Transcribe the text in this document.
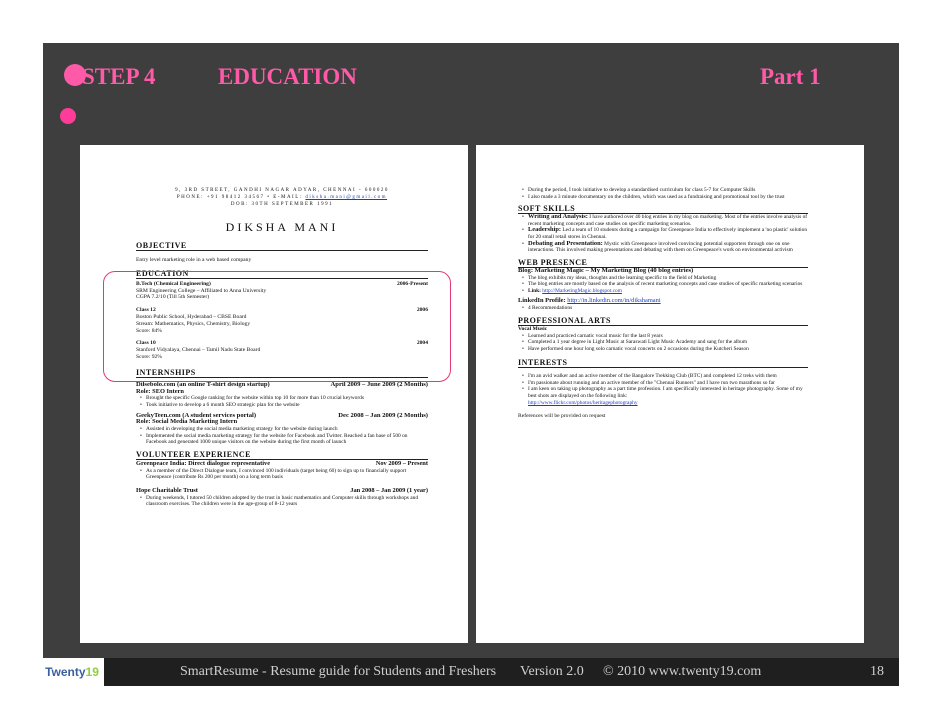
STEP 4	EDUCATION	Part 1
9, 3RD STREET, GANDHI NAGAR ADYAR, CHENNAI - 600020
PHONE: +91 98412 34567 • E-MAIL: diksha.mani@gmail.com
DOB: 30TH SEPTEMBER 1991
DIKSHA MANI
OBJECTIVE
Entry level marketing role in a web based company
EDUCATION
B.Tech (Chemical Engineering)	2006-Present
SRM Engineering College – Affiliated to Anna University
CGPA 7.2/10 (Till 5th Semester)
Class 12	2006
Boston Public School, Hyderabad – CBSE Board
Stream: Mathematics, Physics, Chemistry, Biology
Score: 84%
Class 10	2004
Stanford Vidyalaya, Chennai – Tamil Nadu State Board
Score: 92%
INTERNSHIPS
Dilsebolo.com (an online T-shirt design startup)	April 2009 – June 2009 (2 Months)
Role: SEO Intern
• Brought the specific Google ranking for the website within top 10 for more than 10 crucial keywords
• Took initiative to develop a 6 month SEO strategic plan for the website
GeekyTeen.com (A student services portal)	Dec 2008 – Jan 2009 (2 Months)
Role: Social Media Marketing Intern
• Assisted in developing the social media marketing strategy for the website during launch
• Implemented the social media marketing strategy for the website for Facebook and Twitter. Reached a fan base of 500 on Facebook and generated 1000 unique visitors on the website during the first month of launch
VOLUNTEER EXPERIENCE
Greenpeace India: Direct dialogue representative	Nov 2009 – Present
• As a member of the Direct Dialogue team, I convinced 100 individuals (target being 60) to sign up to financially support Greenpeace (contribute Rs 200 per month) on a long term basis
Hope Charitable Trust	Jan 2008 – Jan 2009 (1 year)
• During weekends, I tutored 50 children adopted by the trust in basic mathematics and Computer skills through workshops and classroom exercises. The children were in the age-group of 8-12 years
• During the period, I took initiative to develop a standardised curriculum for class 5-7 for Computer Skills
• I also made a 3 minute documentary on the children, which was used as a fundraising and promotional tool by the trust
SOFT SKILLS
• Writing and Analysis: I have authored over 40 blog entries in my blog on marketing. Most of the entries involve analysis of recent marketing concepts and case studies on specific marketing scenarios.
• Leadership: Led a team of 10 students during a campaign for Greenpeace India to effectively implement a 'no plastic' solution for 20 small retail stores in Chennai.
• Debating and Presentation: Mystic with Greenpeace involved convincing potential supporters through one on one interactions. This involved making presentations and debating with them on Greenpeace's work on environmental activism
WEB PRESENCE
Blog: Marketing Magic – My Marketing Blog (40 blog entries)
• The blog exhibits my ideas, thoughts and the learning specific to the field of Marketing
• The blog entries are mostly based on the analysis of recent marketing concepts and case studies of specific marketing scenarios
• Link: http://MarketingMagic.blogspot.com
LinkedIn Profile: http://in.linkedin.com/in/dikshamani
• 4 Recommendations
PROFESSIONAL ARTS
Vocal Music
• Learned and practiced carnatic vocal music for the last 8 years
• Completed a 1 year degree in Light Music at Saraswati Light Music Academy and sang for the album
• Have performed one hour long solo carnatic vocal concerts on 2 occasions during the Kutcheri Season
INTERESTS
• I'm an avid walker and an active member of the Bangalore Trekking Club (BTC) and completed 12 treks with them
• I'm passionate about running and an active member of the "Chennai Runners" and I have run two marathons so far
• I am keen on taking up photography as a part time profession. I am specifically interested in heritage photography. Some of my best shots are displayed on the following link:
http://www.flickr.com/photos/heritagephotography
References will be provided on request
SmartResume - Resume guide for Students and Freshers Version 2.0 © 2010 www.twenty19.com	18
Twenty 19
